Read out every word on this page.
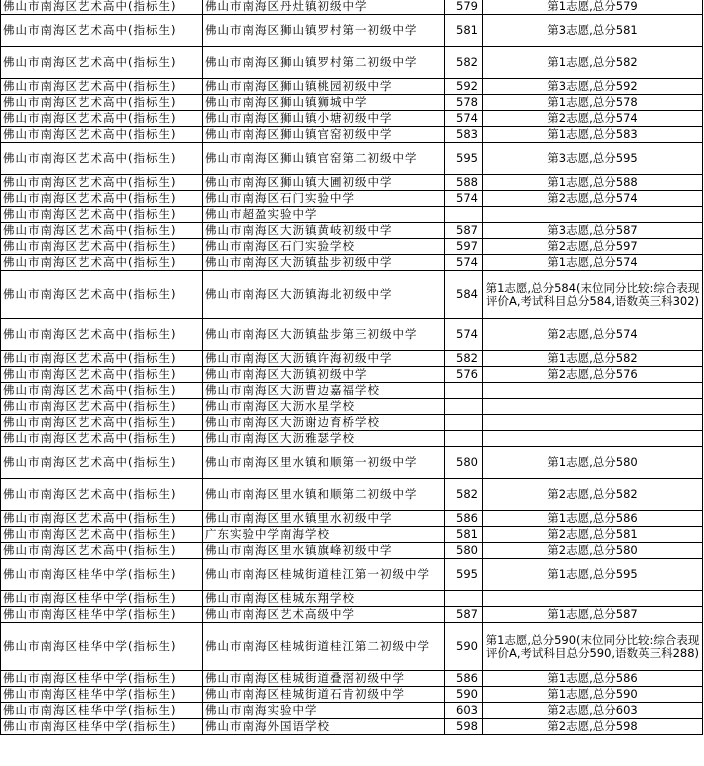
佛山市南海区艺术高中(指标生)	佛山市南海区丹灶镇初级中学	579	第1志愿,总分579
佛山市南海区艺术高中(指标生)	佛山市南海区狮山镇罗村第一初级中学	581	第3志愿,总分581
佛山市南海区艺术高中(指标生)	佛山市南海区狮山镇罗村第二初级中学	582	第1志愿,总分582
佛山市南海区艺术高中(指标生)	佛山市南海区狮山镇桃园初级中学	592	第3志愿,总分592
佛山市南海区艺术高中(指标生)	佛山市南海区狮山镇狮城中学	578	第1志愿,总分578
佛山市南海区艺术高中(指标生)	佛山市南海区狮山镇小塘初级中学	574	第2志愿,总分574
佛山市南海区艺术高中(指标生)	佛山市南海区狮山镇官窑初级中学	583	第1志愿,总分583
佛山市南海区艺术高中(指标生)	佛山市南海区狮山镇官窑第二初级中学	595	第3志愿,总分595
佛山市南海区艺术高中(指标生)	佛山市南海区狮山镇大圃初级中学	588	第1志愿,总分588
佛山市南海区艺术高中(指标生)	佛山市南海区石门实验中学	574	第2志愿,总分574
佛山市南海区艺术高中(指标生)	佛山市超盈实验中学		
佛山市南海区艺术高中(指标生)	佛山市南海区大沥镇黄岐初级中学	587	第3志愿,总分587
佛山市南海区艺术高中(指标生)	佛山市南海区石门实验学校	597	第2志愿,总分597
佛山市南海区艺术高中(指标生)	佛山市南海区大沥镇盐步初级中学	574	第1志愿,总分574
佛山市南海区艺术高中(指标生)	佛山市南海区大沥镇海北初级中学	584	第1志愿,总分584(末位同分比较:综合表现评价A,考试科目总分584,语数英三科302)
佛山市南海区艺术高中(指标生)	佛山市南海区大沥镇盐步第三初级中学	574	第2志愿,总分574
佛山市南海区艺术高中(指标生)	佛山市南海区大沥镇许海初级中学	582	第1志愿,总分582
佛山市南海区艺术高中(指标生)	佛山市南海区大沥镇初级中学	576	第2志愿,总分576
佛山市南海区艺术高中(指标生)	佛山市南海区大沥曹边嘉福学校		
佛山市南海区艺术高中(指标生)	佛山市南海区大沥水星学校		
佛山市南海区艺术高中(指标生)	佛山市南海区大沥谢边育桥学校		
佛山市南海区艺术高中(指标生)	佛山市南海区大沥雅瑟学校		
佛山市南海区艺术高中(指标生)	佛山市南海区里水镇和顺第一初级中学	580	第1志愿,总分580
佛山市南海区艺术高中(指标生)	佛山市南海区里水镇和顺第二初级中学	582	第2志愿,总分582
佛山市南海区艺术高中(指标生)	佛山市南海区里水镇里水初级中学	586	第1志愿,总分586
佛山市南海区艺术高中(指标生)	广东实验中学南海学校	581	第2志愿,总分581
佛山市南海区艺术高中(指标生)	佛山市南海区里水镇旗峰初级中学	580	第2志愿,总分580
佛山市南海区桂华中学(指标生)	佛山市南海区桂城街道桂江第一初级中学	595	第1志愿,总分595
佛山市南海区桂华中学(指标生)	佛山市南海区桂城东翔学校		
佛山市南海区桂华中学(指标生)	佛山市南海区艺术高级中学	587	第1志愿,总分587
佛山市南海区桂华中学(指标生)	佛山市南海区桂城街道桂江第二初级中学	590	第1志愿,总分590(末位同分比较:综合表现评价A,考试科目总分590,语数英三科288)
佛山市南海区桂华中学(指标生)	佛山市南海区桂城街道叠滘初级中学	586	第1志愿,总分586
佛山市南海区桂华中学(指标生)	佛山市南海区桂城街道石肯初级中学	590	第1志愿,总分590
佛山市南海区桂华中学(指标生)	佛山市南海实验中学	603	第2志愿,总分603
佛山市南海区桂华中学(指标生)	佛山市南海外国语学校	598	第2志愿,总分598
